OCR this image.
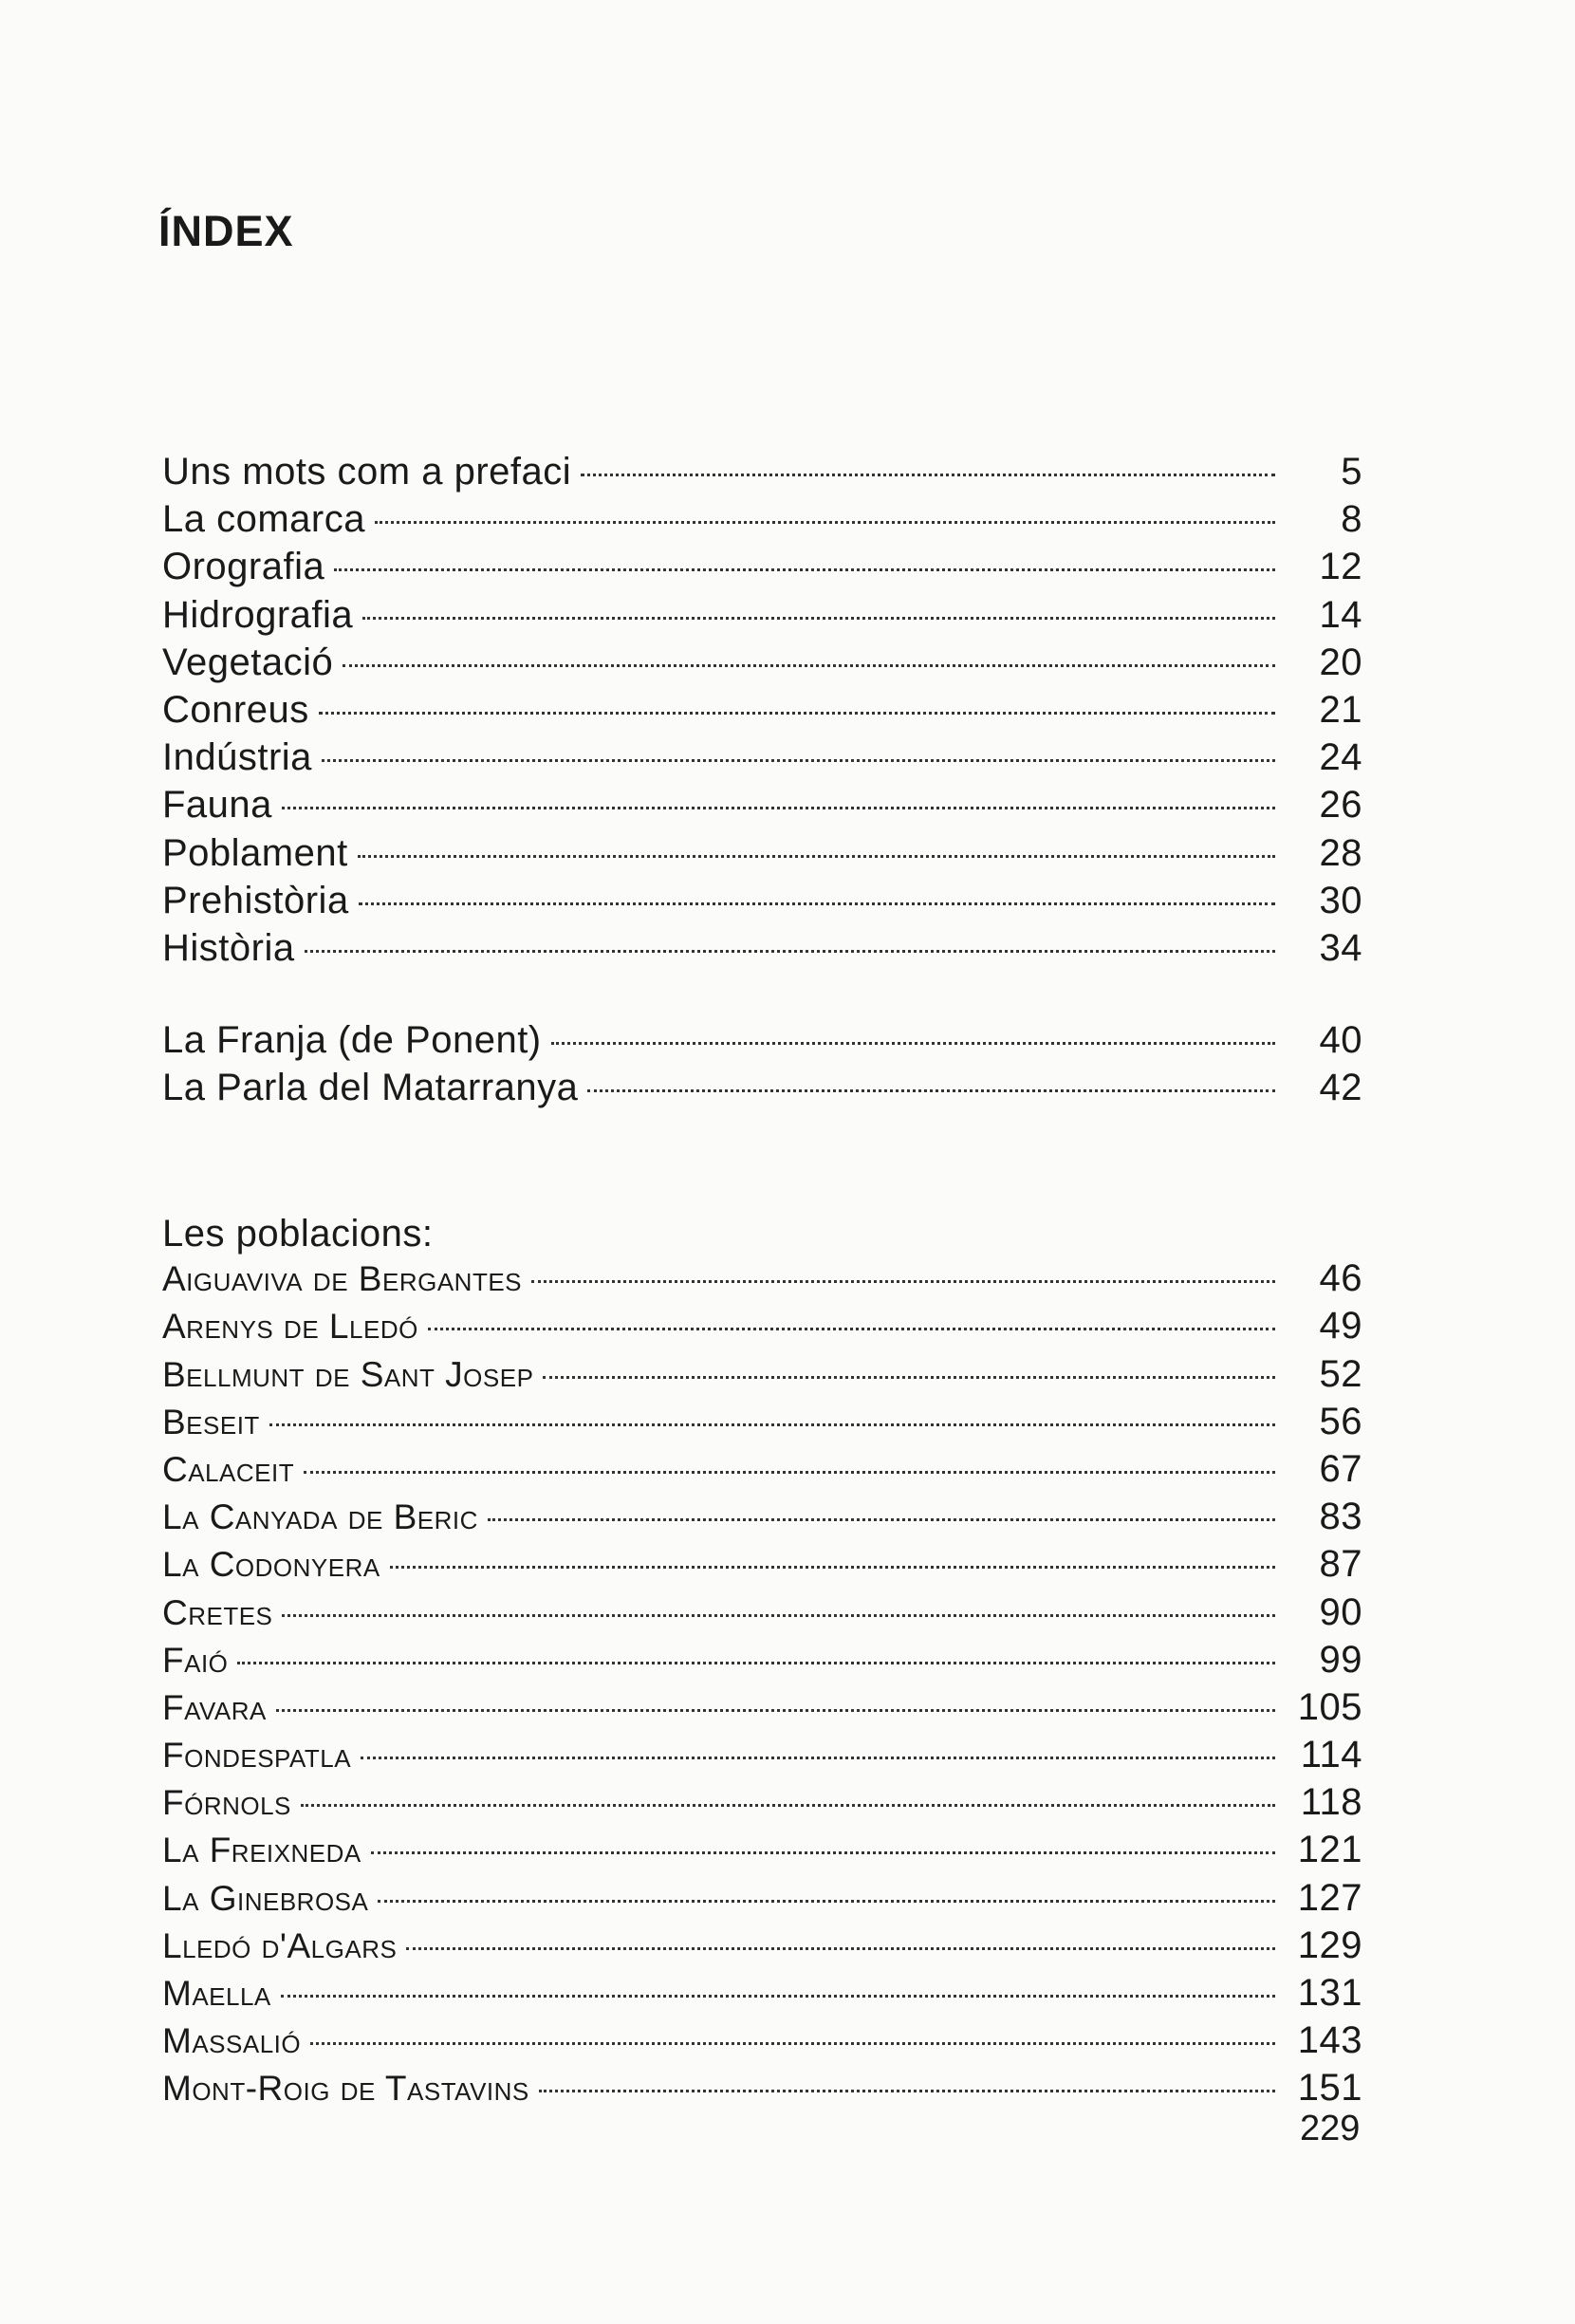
ÍNDEX
Uns mots com a prefaci	5
La comarca	8
Orografia	12
Hidrografia	14
Vegetació	20
Conreus	21
Indústria	24
Fauna	26
Poblament	28
Prehistòria	30
Història	34
La Franja (de Ponent)	40
La Parla del Matarranya	42
Les poblacions:
Aiguaviva de Bergantes	46
Arenys de Lledó	49
Bellmunt de Sant Josep	52
Beseit	56
Calaceit	67
La Canyada de Beric	83
La Codonyera	87
Cretes	90
Faió	99
Favara	105
Fondespatla	114
Fórnols	118
La Freixneda	121
La Ginebrosa	127
Lledó d'Algars	129
Maella	131
Massalió	143
Mont-Roig de Tastavins	151

229
